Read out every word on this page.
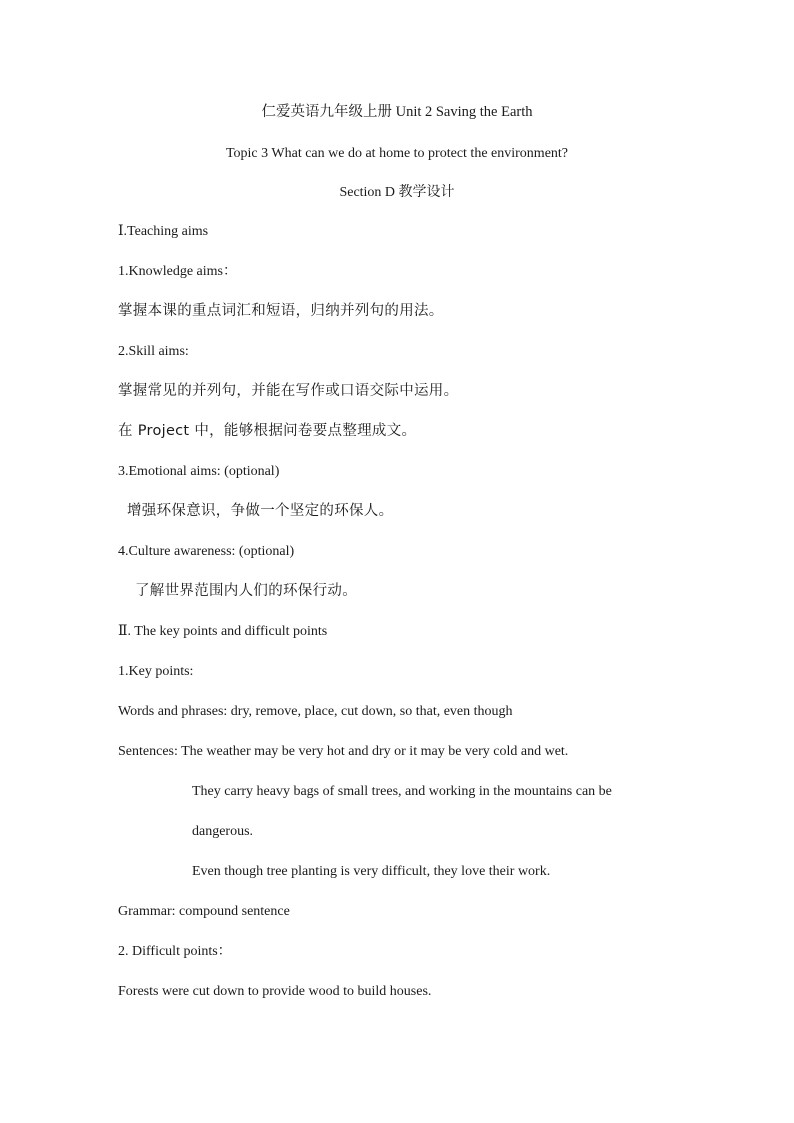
仁爱英语九年级上册 Unit 2 Saving the Earth
Topic 3 What can we do at home to protect the environment?
Section D 教学设计
Ⅰ.Teaching aims
1.Knowledge aims：
掌握本课的重点词汇和短语，归纳并列句的用法。
2.Skill aims:
掌握常见的并列句，并能在写作或口语交际中运用。
在 Project 中，能够根据问卷要点整理成文。
3.Emotional aims: (optional)
增强环保意识，争做一个坚定的环保人。
4.Culture awareness: (optional)
了解世界范围内人们的环保行动。
Ⅱ. The key points and difficult points
1.Key points:
Words and phrases: dry, remove, place, cut down, so that, even though
Sentences: The weather may be very hot and dry or it may be very cold and wet.
They carry heavy bags of small trees, and working in the mountains can be
dangerous.
Even though tree planting is very difficult, they love their work.
Grammar: compound sentence
2. Difficult points：
Forests were cut down to provide wood to build houses.
